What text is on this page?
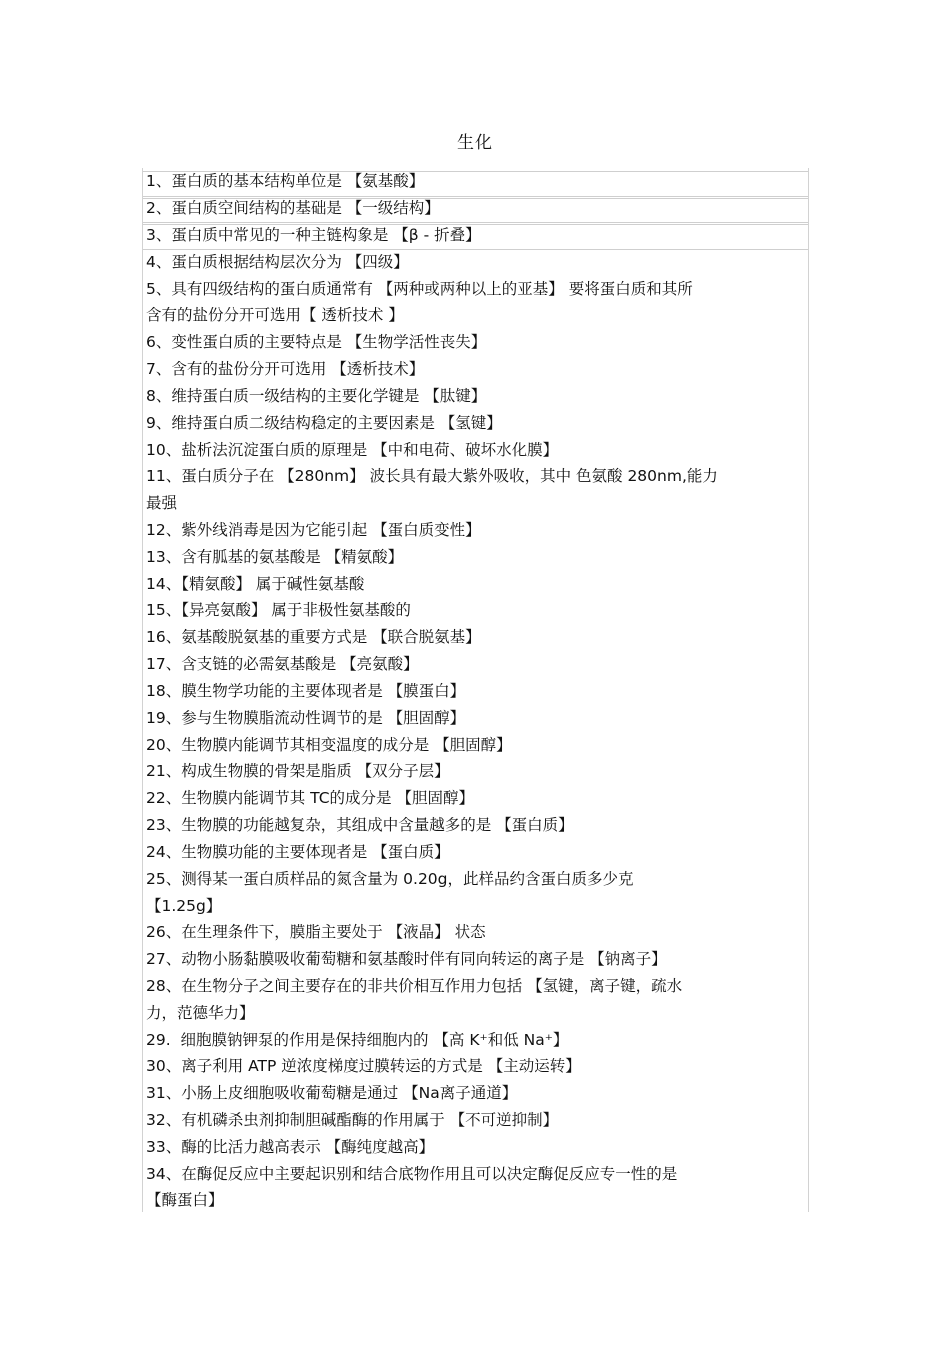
生化
1、蛋白质的基本结构单位是 【氨基酸】
2、蛋白质空间结构的基础是 【一级结构】
3、蛋白质中常见的一种主链构象是 【β - 折叠】
4、蛋白质根据结构层次分为 【四级】
5、具有四级结构的蛋白质通常有 【两种或两种以上的亚基】 要将蛋白质和其所
含有的盐份分开可选用【 透析技术 】
6、变性蛋白质的主要特点是 【生物学活性丧失】
7、含有的盐份分开可选用 【透析技术】
8、维持蛋白质一级结构的主要化学键是 【肽键】
9、维持蛋白质二级结构稳定的主要因素是 【氢键】
10、盐析法沉淀蛋白质的原理是 【中和电荷、破坏水化膜】
11、蛋白质分子在 【280nm】 波长具有最大紫外吸收，其中 色氨酸 280nm,能力
最强
12、紫外线消毒是因为它能引起 【蛋白质变性】
13、含有胍基的氨基酸是 【精氨酸】
14、【精氨酸】 属于碱性氨基酸
15、【异亮氨酸】 属于非极性氨基酸的
16、氨基酸脱氨基的重要方式是 【联合脱氨基】
17、含支链的必需氨基酸是 【亮氨酸】
18、膜生物学功能的主要体现者是 【膜蛋白】
19、参与生物膜脂流动性调节的是 【胆固醇】
20、生物膜内能调节其相变温度的成分是 【胆固醇】
21、构成生物膜的骨架是脂质 【双分子层】
22、生物膜内能调节其 TC的成分是 【胆固醇】
23、生物膜的功能越复杂，其组成中含量越多的是 【蛋白质】
24、生物膜功能的主要体现者是 【蛋白质】
25、测得某一蛋白质样品的氮含量为 0.20g，此样品约含蛋白质多少克
【1.25g】
26、在生理条件下，膜脂主要处于 【液晶】 状态
27、动物小肠黏膜吸收葡萄糖和氨基酸时伴有同向转运的离子是 【钠离子】
28、在生物分子之间主要存在的非共价相互作用力包括 【氢键，离子键，疏水
力，范德华力】
29.  细胞膜钠钾泵的作用是保持细胞内的 【高 K⁺和低 Na⁺】
30、离子利用 ATP 逆浓度梯度过膜转运的方式是 【主动运转】
31、小肠上皮细胞吸收葡萄糖是通过 【Na离子通道】
32、有机磷杀虫剂抑制胆碱酯酶的作用属于 【不可逆抑制】
33、酶的比活力越高表示 【酶纯度越高】
34、在酶促反应中主要起识别和结合底物作用且可以决定酶促反应专一性的是
【酶蛋白】
